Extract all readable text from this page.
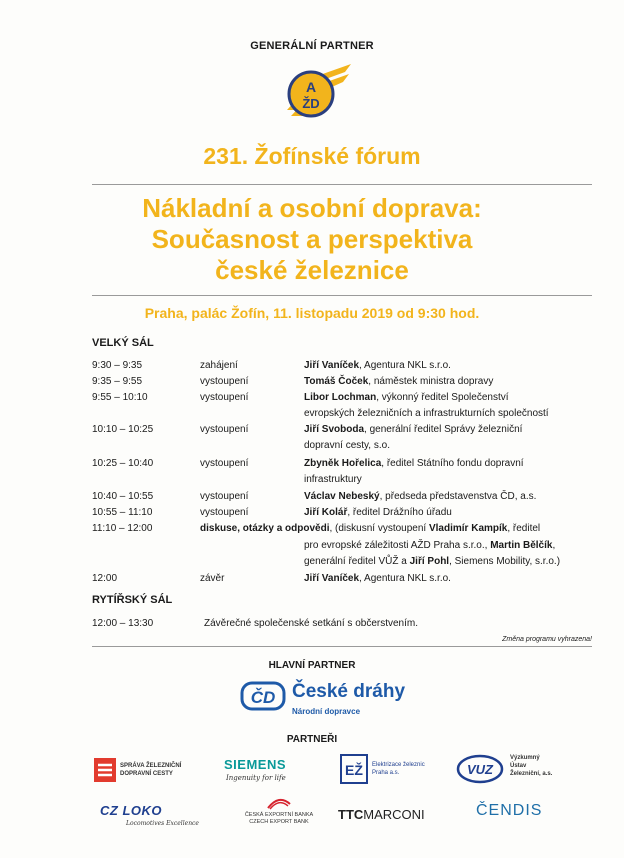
GENERÁLNÍ PARTNER
A
ŽD
231. Žofínské fórum
Nákladní a osobní doprava:
Současnost a perspektiva
české železnice
Praha, palác Žofín, 11. listopadu 2019 od 9:30 hod.
VELKÝ SÁL
9:30 – 9:35	zahájení	Jiří Vaníček, Agentura NKL s.r.o.
9:35 – 9:55	vystoupení	Tomáš Čoček, náměstek ministra dopravy
9:55 – 10:10	vystoupení	Libor Lochman, výkonný ředitel Společenství
evropských železničních a infrastrukturních společností
10:10 – 10:25	vystoupení	Jiří Svoboda, generální ředitel Správy železniční
dopravní cesty, s.o.
10:25 – 10:40	vystoupení	Zbyněk Hořelica, ředitel Státního fondu dopravní
infrastruktury
10:40 – 10:55	vystoupení	Václav Nebeský, předseda představenstva ČD, a.s.
10:55 – 11:10	vystoupení	Jiří Kolář, ředitel Drážního úřadu
11:10 – 12:00	diskuse, otázky a odpovědi, (diskusní vystoupení Vladimír Kampík, ředitel
pro evropské záležitosti AŽD Praha s.r.o., Martin Bělčík,
generální ředitel VŮŽ a Jiří Pohl, Siemens Mobility, s.r.o.)
12:00	závěr	Jiří Vaníček, Agentura NKL s.r.o.
RYTÍŘSKÝ SÁL
12:00 – 13:30	Závěrečné společenské setkání s občerstvením.
Změna programu vyhrazena!
HLAVNÍ PARTNER
ČD České dráhy
Národní dopravce
PARTNEŘI
SPRÁVA ŽELEZNIČNÍ
DOPRAVNÍ CESTY
SIEMENS
Ingenuity for life	EŽ Elektrizace železnic
Praha a.s.	VUZ
Výzkumný
Ústav
Železniční, a.s.
CZ LOKO
Locomotives Excellence
ČESKÁ EXPORTNÍ BANKA
CZECH EXPORT BANK	TTCMARCONI	ČENDIS
